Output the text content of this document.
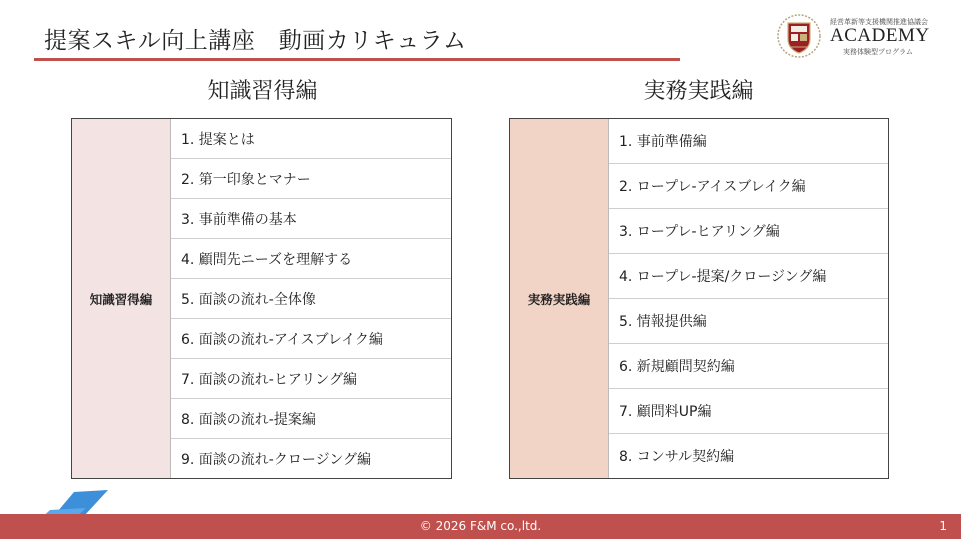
提案スキル向上講座　動画カリキュラム
経営革新等支援機関推進協議会
ACADEMY
実務体験型プログラム
知識習得編	実務実践編
知識習得編
1. 提案とは
2. 第一印象とマナー
3. 事前準備の基本
4. 顧問先ニーズを理解する
5. 面談の流れ-全体像
6. 面談の流れ-アイスブレイク編
7. 面談の流れ-ヒアリング編
8. 面談の流れ-提案編
9. 面談の流れ-クロージング編
実務実践編
1. 事前準備編
2. ロープレ-アイスブレイク編
3. ロープレ-ヒアリング編
4. ロープレ-提案/クロージング編
5. 情報提供編
6. 新規顧問契約編
7. 顧問料UP編
8. コンサル契約編
© 2026 F&M co.,ltd.	1
